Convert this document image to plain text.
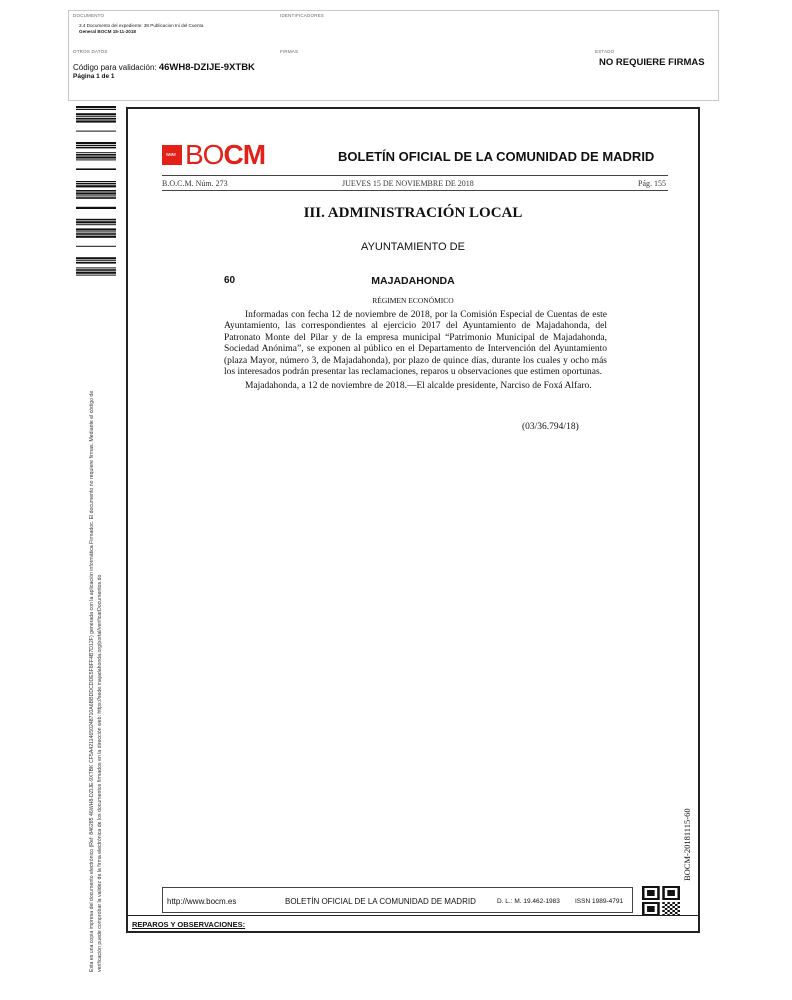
DOCUMENTO
3.4 Documento del expediente: 38 Publicacion Ini del Cuenta
General BOCM 15-11-2018
IDENTIFICADORES
OTROS DATOS
Código para validación: 46WH8-DZIJE-9XTBK
Página 1 de 1
FIRMAS	ESTADO
NO REQUIERE FIRMAS
Esta es una copia impresa del documento electrónico (Ref: 846285 46WH8-DZIJE-9XTBK CF5A42114650248710A6BBDDCDDE5F8FF4B7D12F) generada con la aplicación informática Firmadoc. El documento no requiere firmas. Mediante el código de verificación puede comprobar la validez de la firma electrónica de los documentos firmados en la dirección web: https://sede.majadahonda.org/portal/verificarDocumentos.do
www BOCM	BOLETÍN OFICIAL DE LA COMUNIDAD DE MADRID
B.O.C.M. Núm. 273	JUEVES 15 DE NOVIEMBRE DE 2018	Pág. 155
III. ADMINISTRACIÓN LOCAL
AYUNTAMIENTO DE
60	MAJADAHONDA
RÉGIMEN ECONÓMICO

Informadas con fecha 12 de noviembre de 2018, por la Comisión Especial de Cuentas de este Ayuntamiento, las correspondientes al ejercicio 2017 del Ayuntamiento de Majadahonda, del Patronato Monte del Pilar y de la empresa municipal “Patrimonio Municipal de Majadahonda, Sociedad Anónima”, se exponen al público en el Departamento de Intervención del Ayuntamiento (plaza Mayor, número 3, de Majadahonda), por plazo de quince días, durante los cuales y ocho más los interesados podrán presentar las reclamaciones, reparos u observaciones que estimen oportunas.

Majadahonda, a 12 de noviembre de 2018.—El alcalde presidente, Narciso de Foxá Alfaro.

(03/36.794/18)
BOCM-20181115-60
http://www.bocm.es	BOLETÍN OFICIAL DE LA COMUNIDAD DE MADRID	D. L.: M. 19.462-1983 ISSN 1989-4791
REPAROS Y OBSERVACIONES:
